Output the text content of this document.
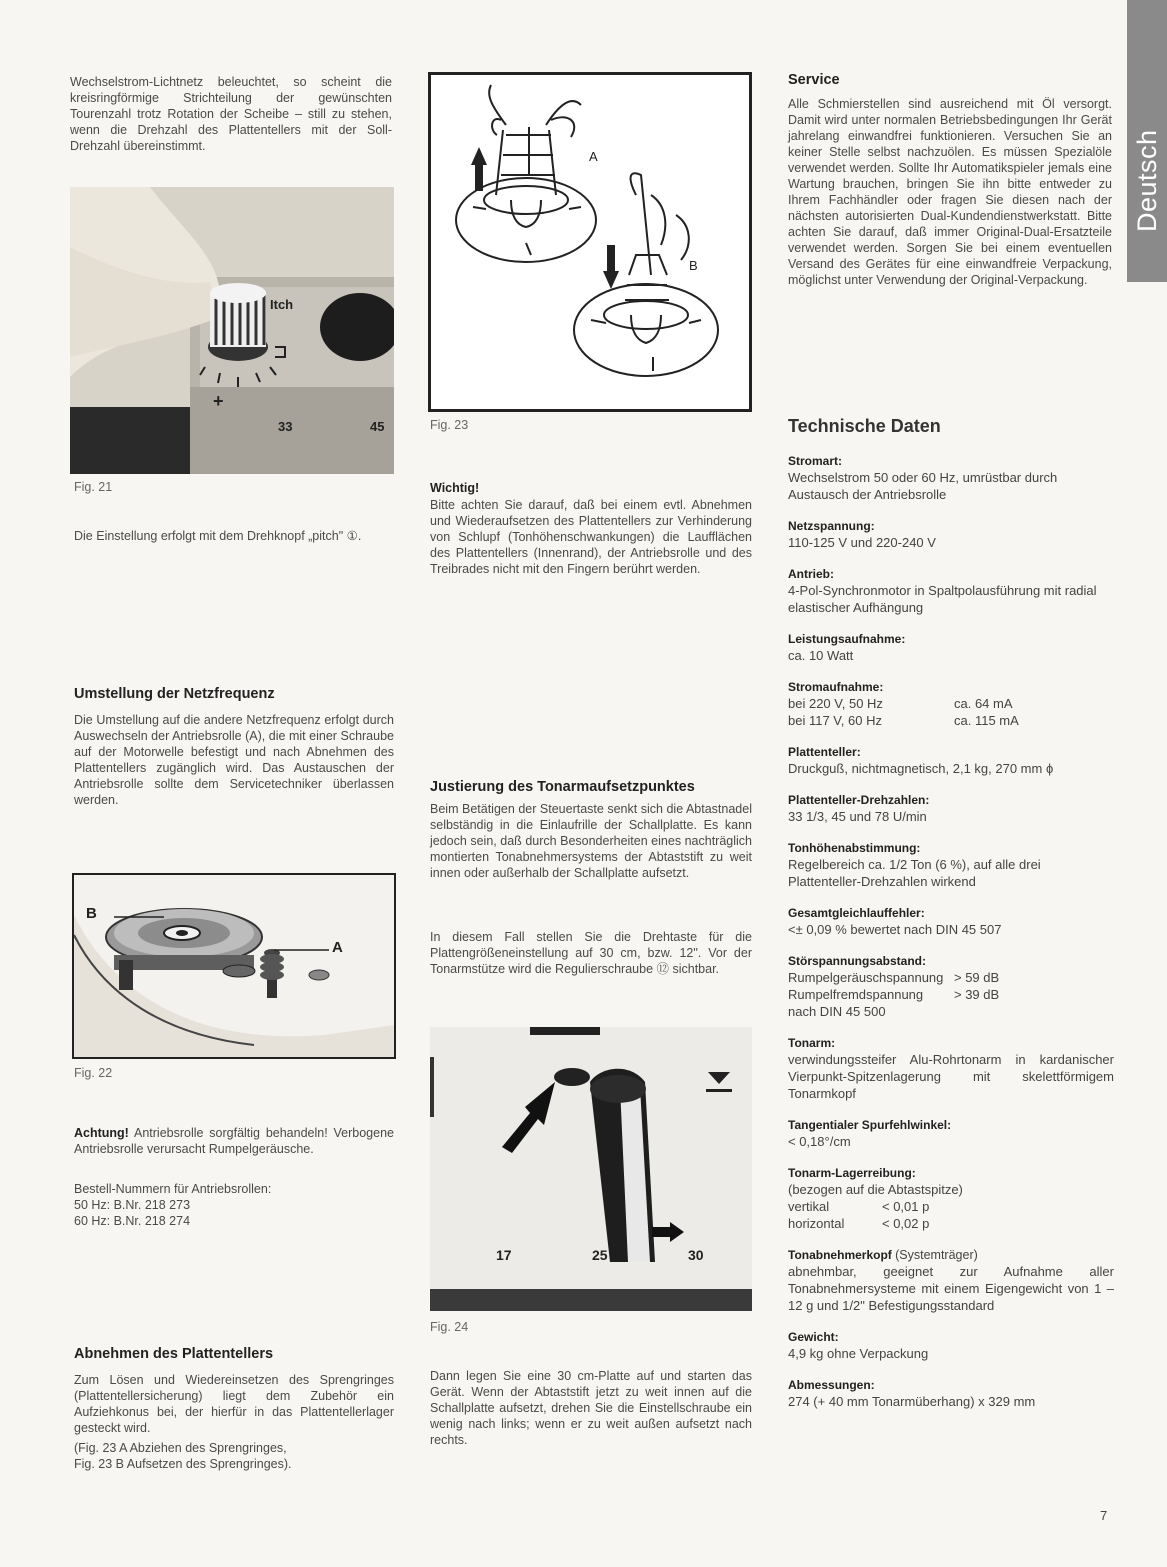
Deutsch
Wechselstrom-Lichtnetz beleuchtet, so scheint die kreisringförmige Strichteilung der gewünschten Tourenzahl trotz Rotation der Scheibe – still zu stehen, wenn die Drehzahl des Plattentellers mit der Soll-Drehzahl übereinstimmt.
+
Itch
33	45
Fig. 21
Die Einstellung erfolgt mit dem Drehknopf „pitch" ①.
Umstellung der Netzfrequenz
Die Umstellung auf die andere Netzfrequenz erfolgt durch Auswechseln der Antriebsrolle (A), die mit einer Schraube auf der Motorwelle befestigt und nach Abnehmen des Plattentellers zugänglich wird. Das Austauschen der Antriebsrolle sollte dem Servicetechniker überlassen werden.
B
A
Fig. 22
Achtung! Antriebsrolle sorgfältig behandeln! Verbogene Antriebsrolle verursacht Rumpelgeräusche.
Bestell-Nummern für Antriebsrollen:
50 Hz: B.Nr. 218 273
60 Hz: B.Nr. 218 274
Abnehmen des Plattentellers
Zum Lösen und Wiedereinsetzen des Sprengringes (Plattentellersicherung) liegt dem Zubehör ein Aufziehkonus bei, der hierfür in das Plattentellerlager gesteckt wird.
(Fig. 23 A Abziehen des Sprengringes,
Fig. 23 B Aufsetzen des Sprengringes).
A
B
Fig. 23
Wichtig!
Bitte achten Sie darauf, daß bei einem evtl. Abnehmen und Wiederaufsetzen des Plattentellers zur Verhinderung von Schlupf (Tonhöhenschwankungen) die Laufflächen des Plattentellers (Innenrand), der Antriebsrolle und des Treibrades nicht mit den Fingern berührt werden.
Justierung des Tonarmaufsetzpunktes
Beim Betätigen der Steuertaste senkt sich die Abtastnadel selbständig in die Einlaufrille der Schallplatte. Es kann jedoch sein, daß durch Besonderheiten eines nachträglich montierten Tonabnehmersystems der Abtaststift zu weit innen oder außerhalb der Schallplatte aufsetzt.
In diesem Fall stellen Sie die Drehtaste für die Plattengrößeneinstellung auf 30 cm, bzw. 12". Vor der Tonarmstütze wird die Regulierschraube ⑫ sichtbar.
17	25	30
Fig. 24
Dann legen Sie eine 30 cm-Platte auf und starten das Gerät. Wenn der Abtaststift jetzt zu weit innen auf die Schallplatte aufsetzt, drehen Sie die Einstellschraube ein wenig nach links; wenn er zu weit außen aufsetzt nach rechts.
Service
Alle Schmierstellen sind ausreichend mit Öl versorgt. Damit wird unter normalen Betriebsbedingungen Ihr Gerät jahrelang einwandfrei funktionieren. Versuchen Sie an keiner Stelle selbst nachzuölen. Es müssen Spezialöle verwendet werden. Sollte Ihr Automatikspieler jemals eine Wartung brauchen, bringen Sie ihn bitte entweder zu Ihrem Fachhändler oder fragen Sie diesen nach der nächsten autorisierten Dual-Kundendienstwerkstatt. Bitte achten Sie darauf, daß immer Original-Dual-Ersatzteile verwendet werden. Sorgen Sie bei einem eventuellen Versand des Gerätes für eine einwandfreie Verpackung, möglichst unter Verwendung der Original-Verpackung.
Technische Daten
Stromart:
Wechselstrom 50 oder 60 Hz, umrüstbar durch Austausch der Antriebsrolle
Netzspannung:
110-125 V und 220-240 V
Antrieb:
4-Pol-Synchronmotor in Spaltpolausführung mit radial elastischer Aufhängung
Leistungsaufnahme:
ca. 10 Watt
Stromaufnahme:
bei 220 V, 50 Hz	ca. 64 mA
bei 117 V, 60 Hz	ca. 115 mA
Plattenteller:
Druckguß, nichtmagnetisch, 2,1 kg, 270 mm ϕ
Plattenteller-Drehzahlen:
33 1/3, 45 und 78 U/min
Tonhöhenabstimmung:
Regelbereich ca. 1/2 Ton (6 %), auf alle drei Plattenteller-Drehzahlen wirkend
Gesamtgleichlauffehler:
<± 0,09 % bewertet nach DIN 45 507
Störspannungsabstand:
Rumpelgeräuschspannung > 59 dB
Rumpelfremdspannung	> 39 dB
nach DIN 45 500
Tonarm:
verwindungssteifer Alu-Rohrtonarm in kardanischer Vierpunkt-Spitzenlagerung mit skelettförmigem Tonarmkopf
Tangentialer Spurfehlwinkel:
< 0,18°/cm
Tonarm-Lagerreibung:
(bezogen auf die Abtastspitze)
vertikal	< 0,01 p
horizontal	< 0,02 p
Tonabnehmerkopf (Systemträger)
abnehmbar, geeignet zur Aufnahme aller Tonabnehmersysteme mit einem Eigengewicht von 1 – 12 g und 1/2" Befestigungsstandard
Gewicht:
4,9 kg ohne Verpackung
Abmessungen:
274 (+ 40 mm Tonarmüberhang) x 329 mm
7
